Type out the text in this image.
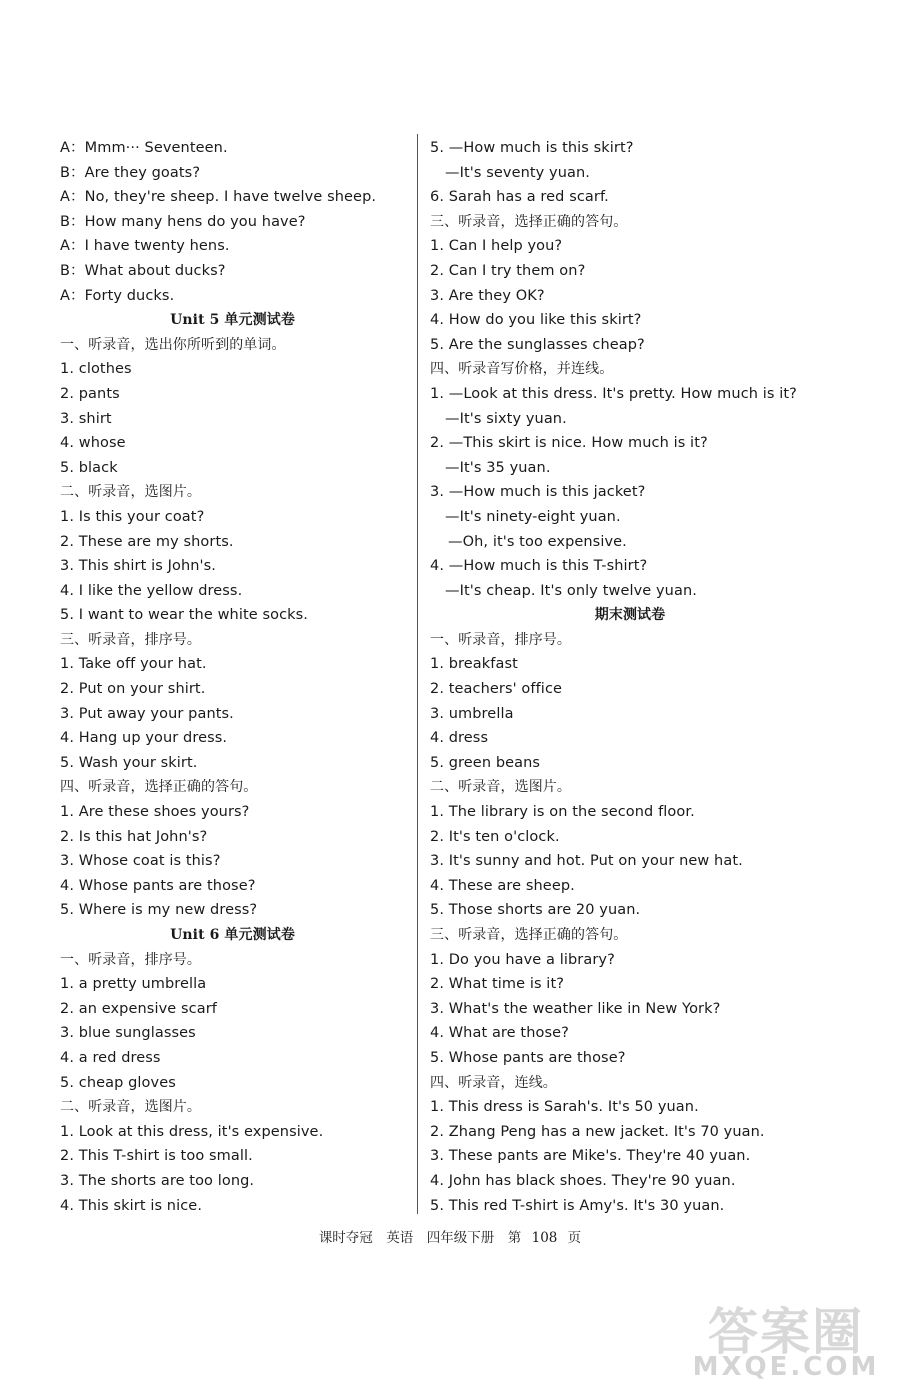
A：Mmm··· Seventeen.
B：Are they goats?
A：No, they're sheep. I have twelve sheep.
B：How many hens do you have?
A：I have twenty hens.
B：What about ducks?
A：Forty ducks.
Unit 5 单元测试卷
一、听录音，选出你所听到的单词。
1. clothes
2. pants
3. shirt
4. whose
5. black
二、听录音，选图片。
1. Is this your coat?
2. These are my shorts.
3. This shirt is John's.
4. I like the yellow dress.
5. I want to wear the white socks.
三、听录音，排序号。
1. Take off your hat.
2. Put on your shirt.
3. Put away your pants.
4. Hang up your dress.
5. Wash your skirt.
四、听录音，选择正确的答句。
1. Are these shoes yours?
2. Is this hat John's?
3. Whose coat is this?
4. Whose pants are those?
5. Where is my new dress?
Unit 6 单元测试卷
一、听录音，排序号。
1. a pretty umbrella
2. an expensive scarf
3. blue sunglasses
4. a red dress
5. cheap gloves
二、听录音，选图片。
1. Look at this dress, it's expensive.
2. This T-shirt is too small.
3. The shorts are too long.
4. This skirt is nice.
5. —How much is this skirt?
—It's seventy yuan.
6. Sarah has a red scarf.
三、听录音，选择正确的答句。
1. Can I help you?
2. Can I try them on?
3. Are they OK?
4. How do you like this skirt?
5. Are the sunglasses cheap?
四、听录音写价格，并连线。
1. —Look at this dress. It's pretty. How much is it?
—It's sixty yuan.
2. —This skirt is nice. How much is it?
—It's 35 yuan.
3. —How much is this jacket?
—It's ninety-eight yuan.
—Oh, it's too expensive.
4. —How much is this T-shirt?
—It's cheap. It's only twelve yuan.
期末测试卷
一、听录音，排序号。
1. breakfast
2. teachers' office
3. umbrella
4. dress
5. green beans
二、听录音，选图片。
1. The library is on the second floor.
2. It's ten o'clock.
3. It's sunny and hot. Put on your new hat.
4. These are sheep.
5. Those shorts are 20 yuan.
三、听录音，选择正确的答句。
1. Do you have a library?
2. What time is it?
3. What's the weather like in New York?
4. What are those?
5. Whose pants are those?
四、听录音，连线。
1. This dress is Sarah's. It's 50 yuan.
2. Zhang Peng has a new jacket. It's 70 yuan.
3. These pants are Mike's. They're 40 yuan.
4. John has black shoes. They're 90 yuan.
5. This red T-shirt is Amy's. It's 30 yuan.
课时夺冠　英语　四年级下册　第 108 页
答案圈
MXQE.COM
